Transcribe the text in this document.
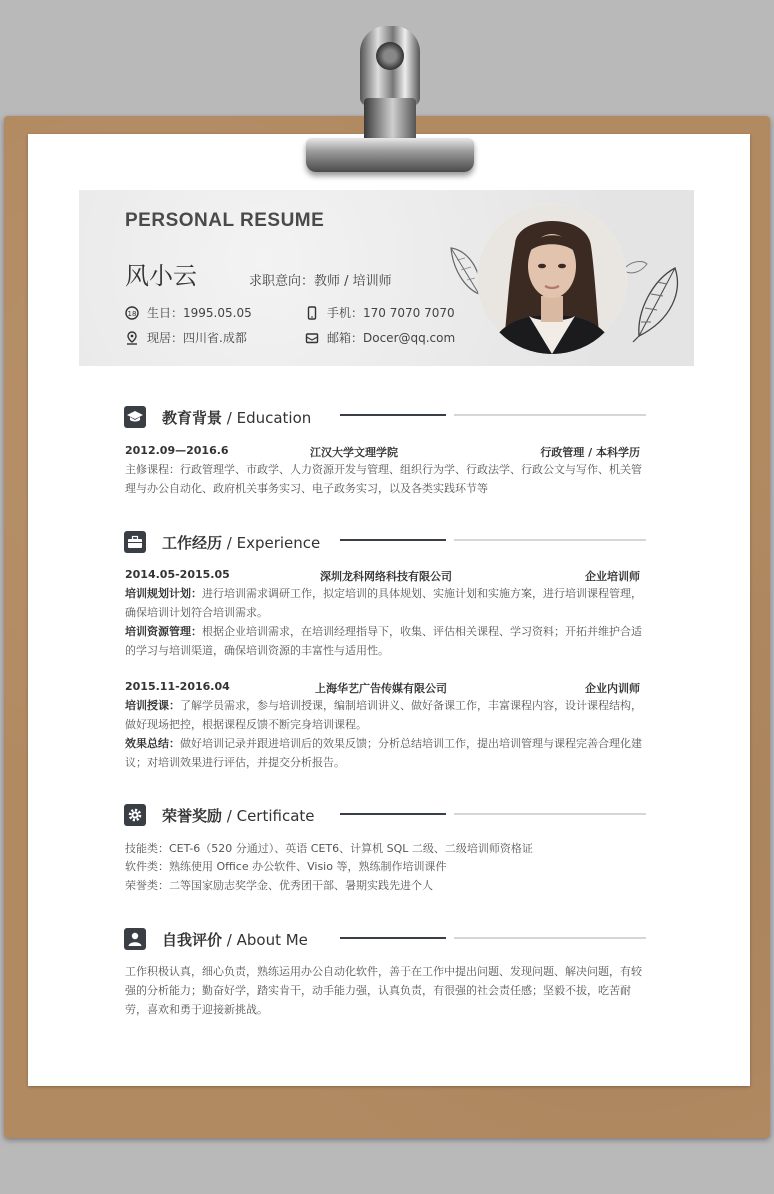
PERSONAL RESUME
风小云	求职意向：教师 / 培训师
18 生日：1995.05.05	手机：170 7070 7070
现居：四川省.成都	邮箱：Docer@qq.com
教育背景 / Education
2012.09—2016.6	江汉大学文理学院	行政管理 / 本科学历
主修课程：行政管理学、市政学、人力资源开发与管理、组织行为学、行政法学、行政公文与写作、机关管理与办公自动化、政府机关事务实习、电子政务实习，以及各类实践环节等
工作经历 / Experience
2014.05-2015.05	深圳龙科网络科技有限公司	企业培训师
培训规划计划：进行培训需求调研工作，拟定培训的具体规划、实施计划和实施方案，进行培训课程管理，确保培训计划符合培训需求。
培训资源管理：根据企业培训需求，在培训经理指导下，收集、评估相关课程、学习资料；开拓并维护合适的学习与培训渠道，确保培训资源的丰富性与适用性。
2015.11-2016.04	上海华艺广告传媒有限公司	企业内训师
培训授课：了解学员需求，参与培训授课，编制培训讲义、做好备课工作，丰富课程内容，设计课程结构，做好现场把控，根据课程反馈不断完身培训课程。
效果总结：做好培训记录并跟进培训后的效果反馈；分析总结培训工作，提出培训管理与课程完善合理化建议；对培训效果进行评估，并提交分析报告。
荣誉奖励 / Certificate
技能类：CET-6（520 分通过）、英语 CET6、计算机 SQL 二级、二级培训师资格证
软件类：熟练使用 Office 办公软件、Visio 等，熟练制作培训课件
荣誉类：二等国家励志奖学金、优秀团干部、暑期实践先进个人
自我评价 / About Me
工作积极认真，细心负责，熟练运用办公自动化软件，善于在工作中提出问题、发现问题、解决问题，有较强的分析能力；勤奋好学，踏实肯干，动手能力强，认真负责，有很强的社会责任感；坚毅不拔，吃苦耐劳，喜欢和勇于迎接新挑战。
